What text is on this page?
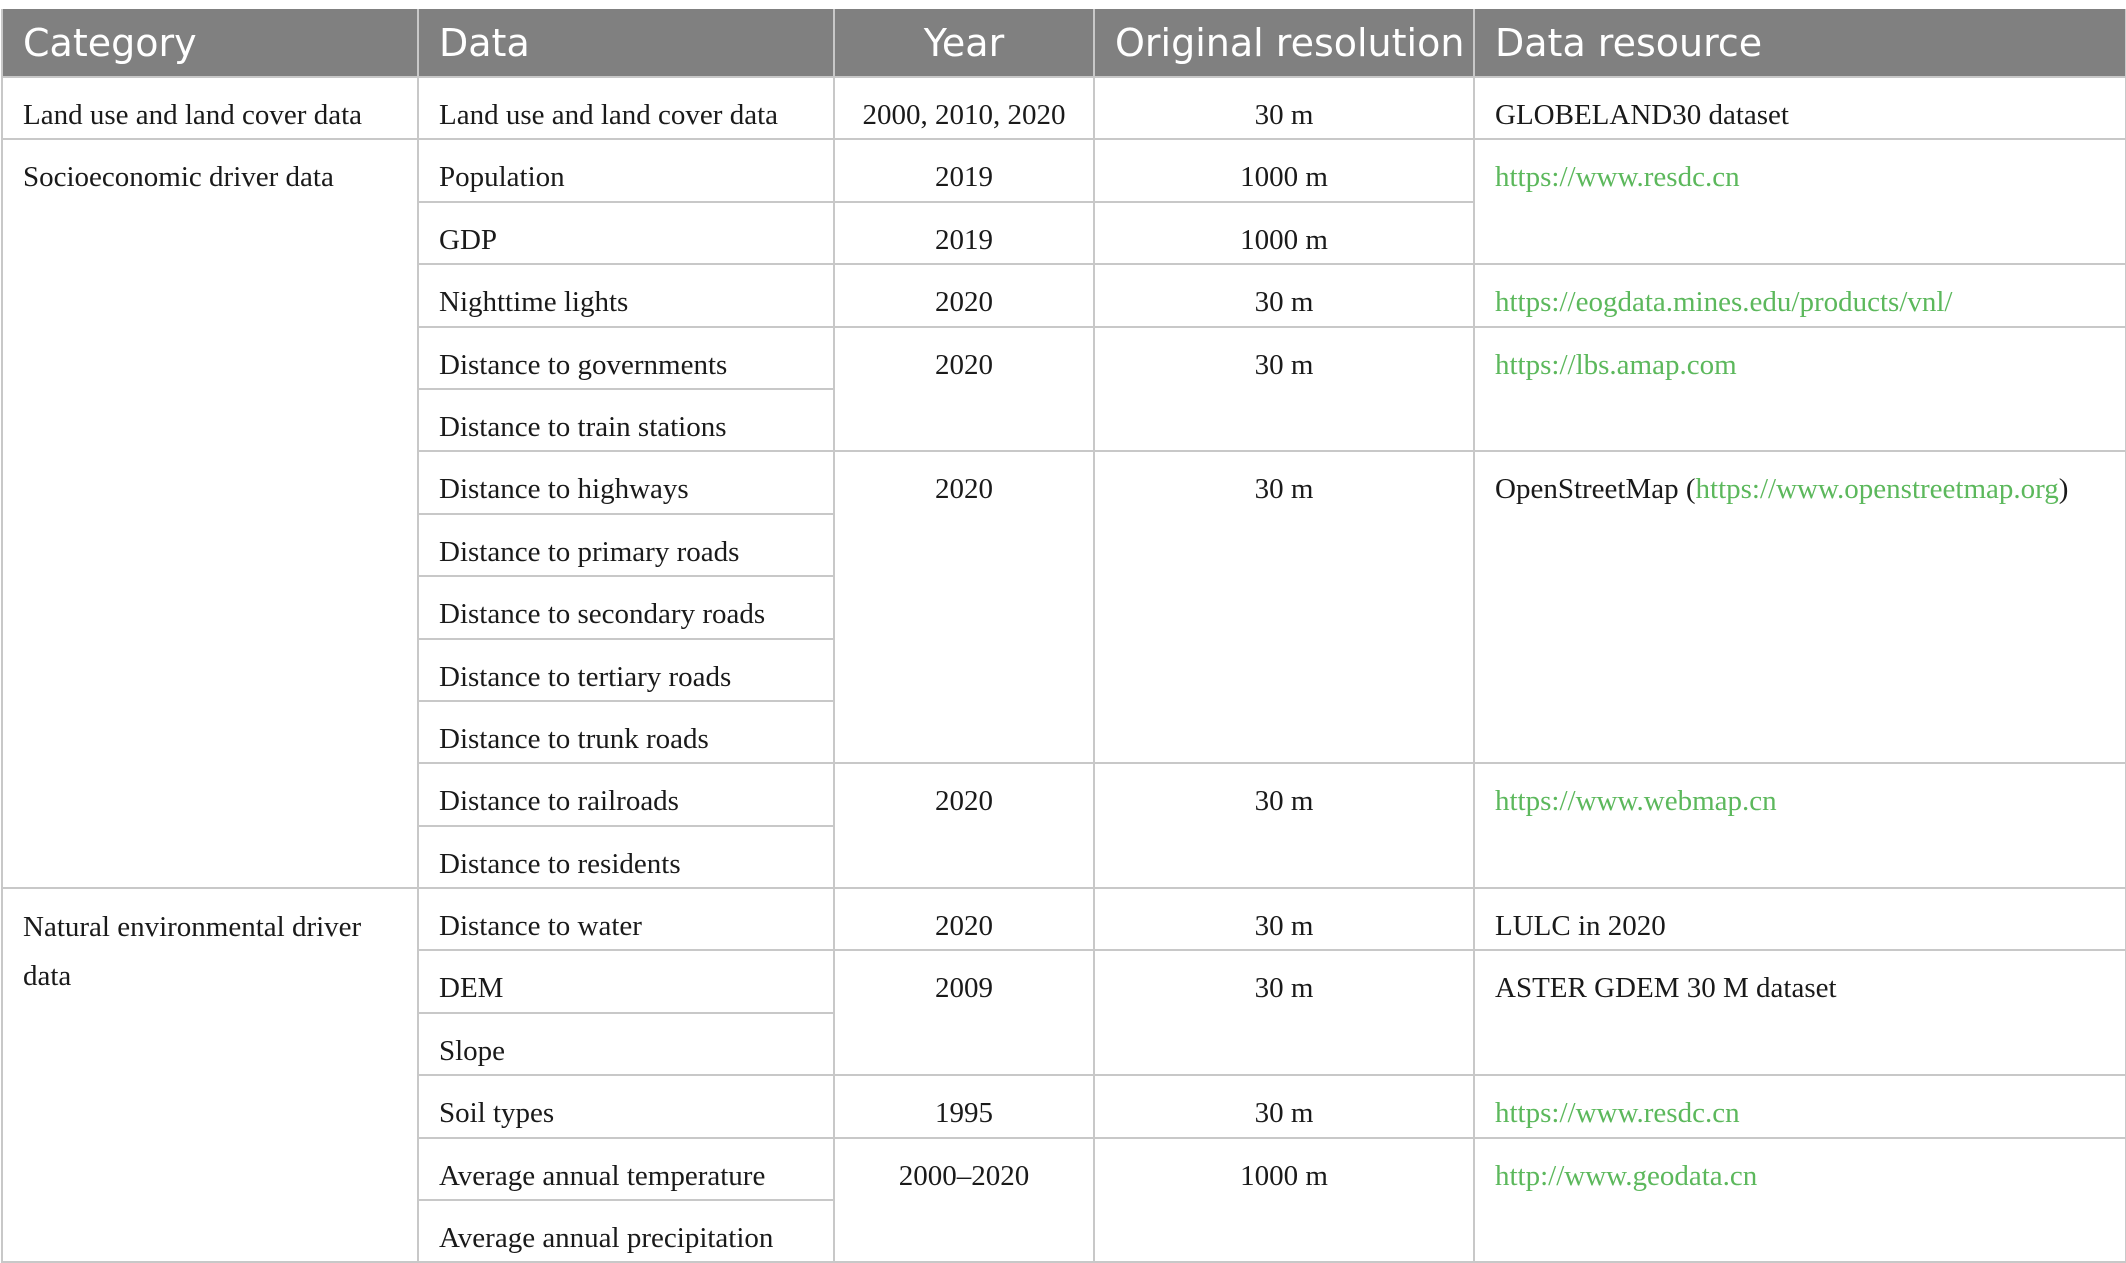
Category	Data	Year	Original resolution	Data resource
Land use and land cover data	Land use and land cover data	2000, 2010, 2020	30 m	GLOBELAND30 dataset
Socioeconomic driver data	Population	2019	1000 m	https://www.resdc.cn
	GDP	2019	1000 m	
	Nighttime lights	2020	30 m	https://eogdata.mines.edu/products/vnl/
	Distance to governments	2020	30 m	https://lbs.amap.com
	Distance to train stations			
	Distance to highways	2020	30 m	OpenStreetMap (https://www.openstreetmap.org)
	Distance to primary roads			
	Distance to secondary roads			
	Distance to tertiary roads			
	Distance to trunk roads			
	Distance to railroads	2020	30 m	https://www.webmap.cn
	Distance to residents			
Natural environmental driver data	Distance to water	2020	30 m	LULC in 2020
	DEM	2009	30 m	ASTER GDEM 30 M dataset
	Slope			
	Soil types	1995	30 m	https://www.resdc.cn
	Average annual temperature	2000–2020	1000 m	http://www.geodata.cn
	Average annual precipitation			
